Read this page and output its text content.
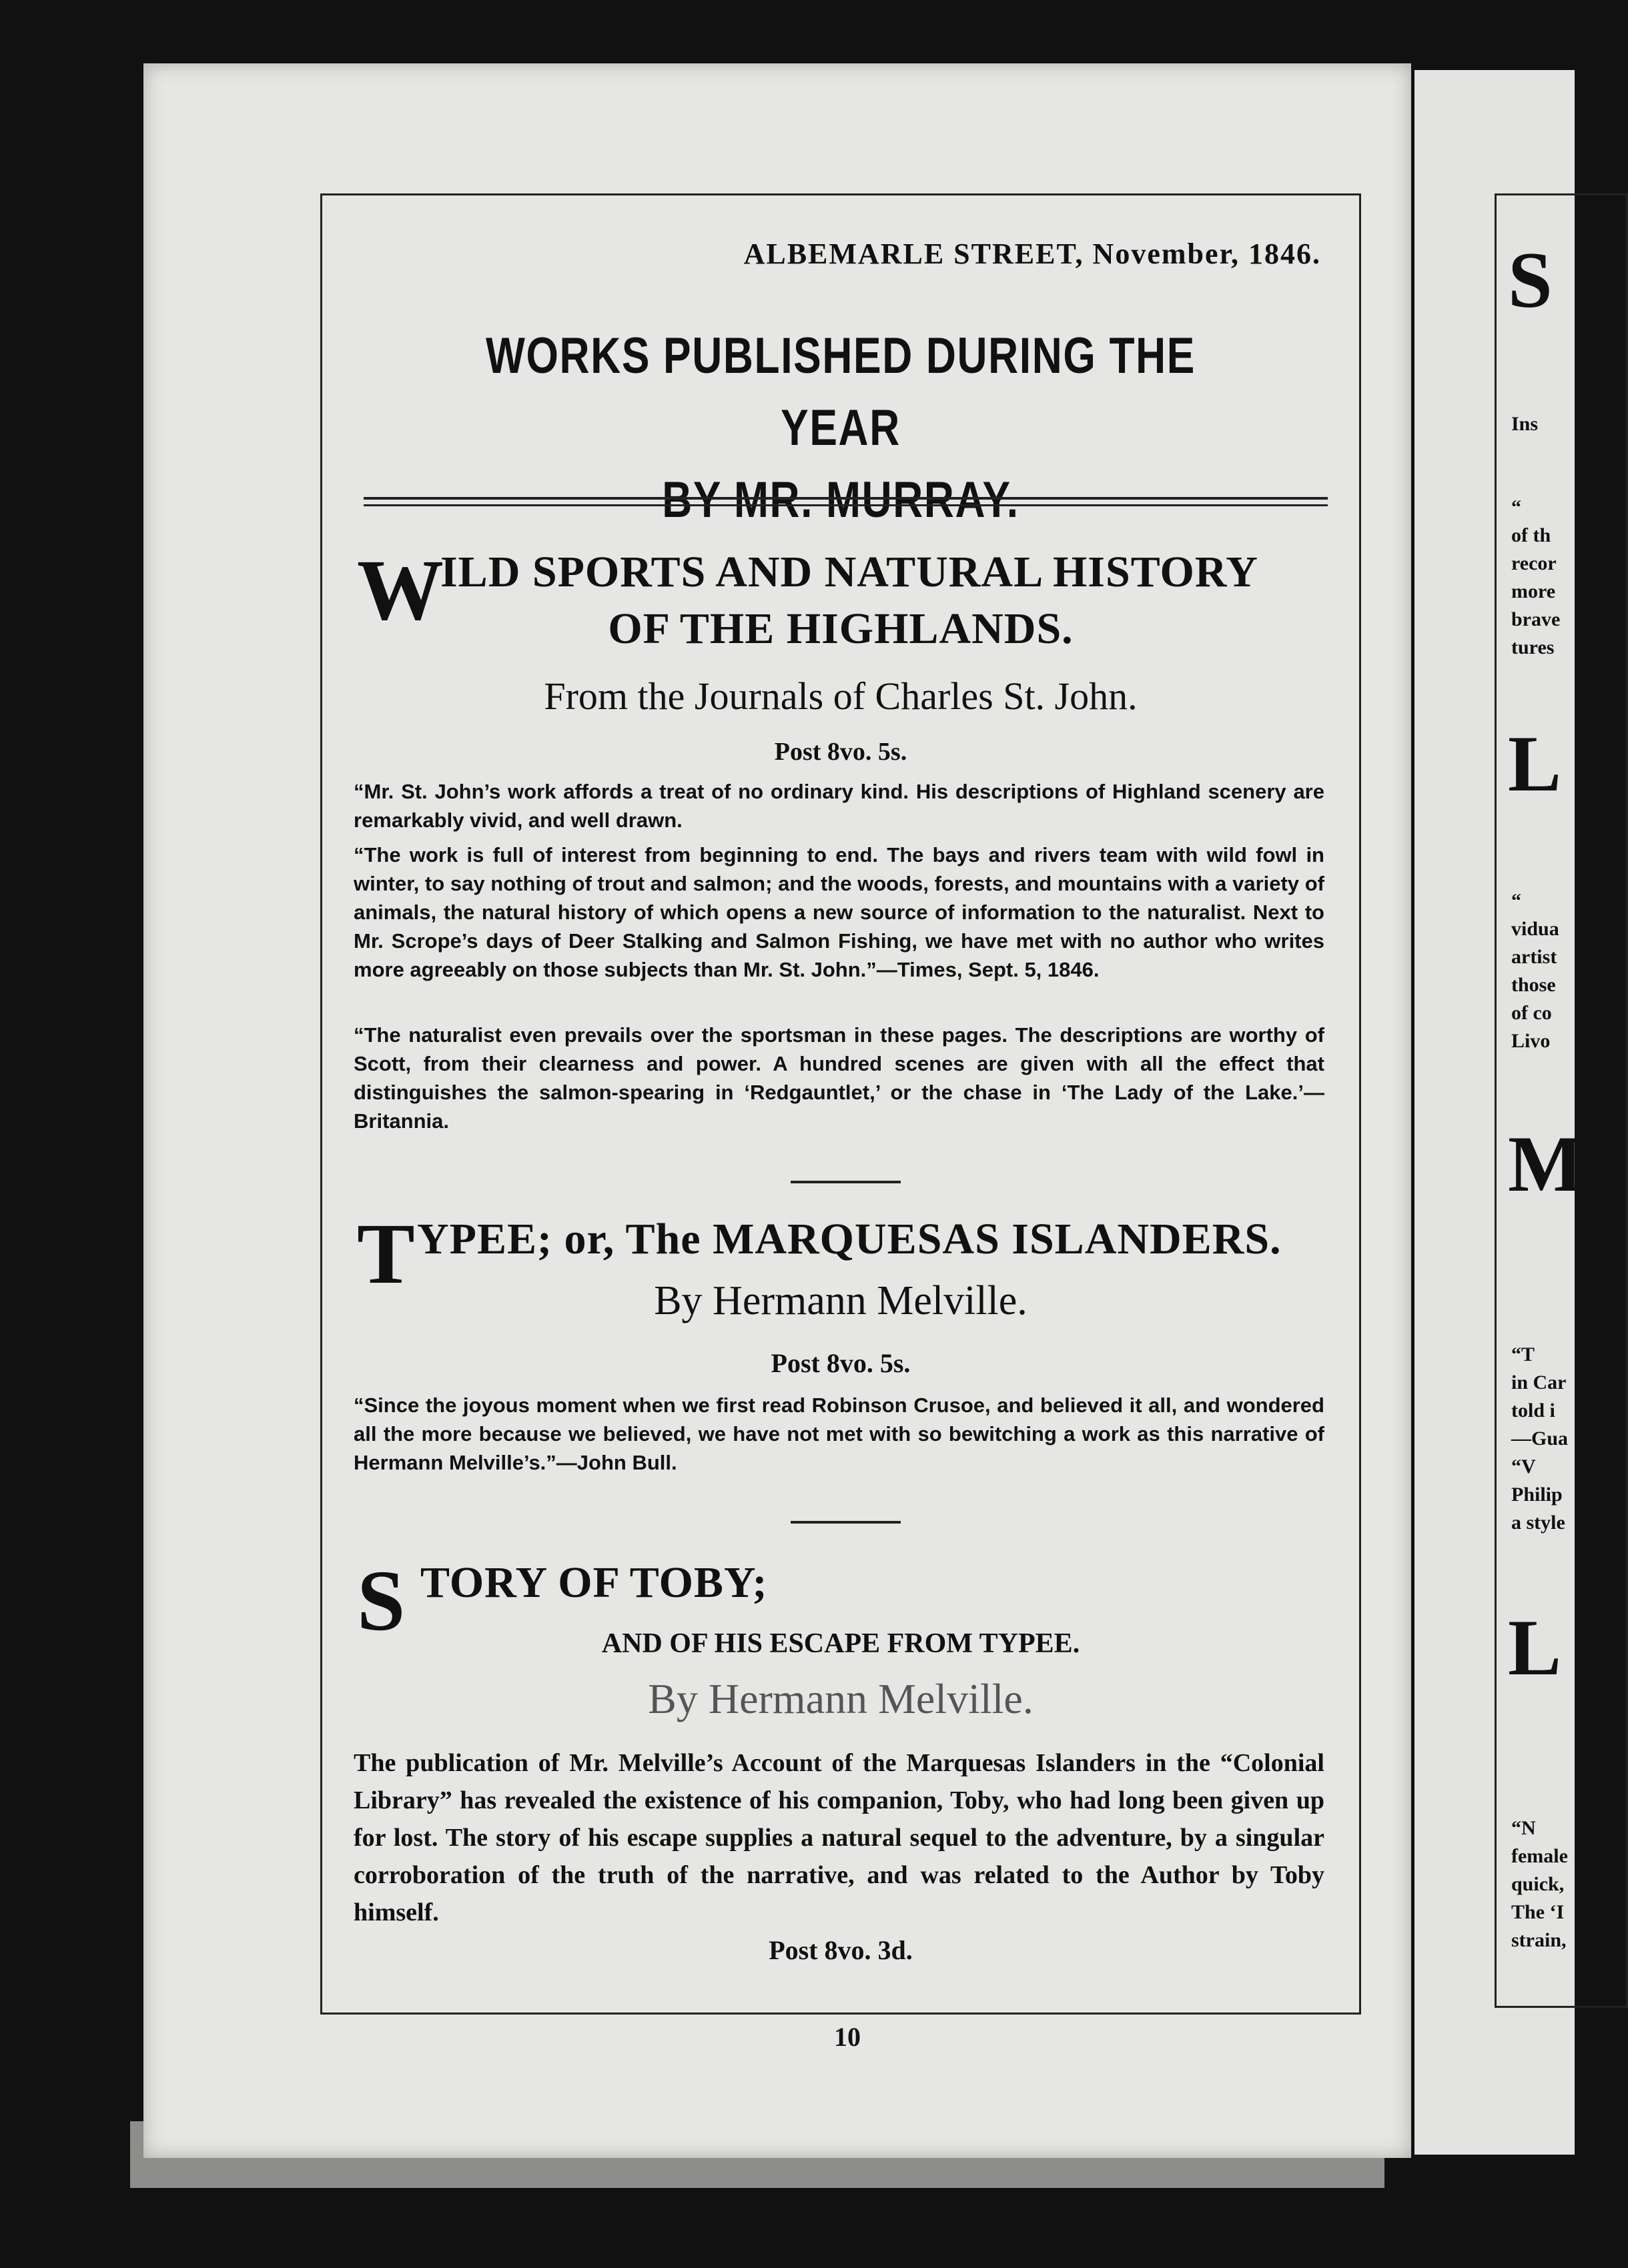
ALBEMARLE STREET, November, 1846.
WORKS PUBLISHED DURING THE YEAR
BY MR. MURRAY.
W
ILD SPORTS AND NATURAL HISTORY
OF THE HIGHLANDS.
From the Journals of Charles St. John.
Post 8vo. 5s.
“Mr. St. John’s work affords a treat of no ordinary kind. His descriptions of Highland scenery are remarkably vivid, and well drawn.
“The work is full of interest from beginning to end. The bays and rivers team with wild fowl in winter, to say nothing of trout and salmon; and the woods, forests, and mountains with a variety of animals, the natural history of which opens a new source of information to the naturalist. Next to Mr. Scrope’s days of Deer Stalking and Salmon Fishing, we have met with no author who writes more agreeably on those subjects than Mr. St. John.”—Times, Sept. 5, 1846.
“The naturalist even prevails over the sportsman in these pages. The descriptions are worthy of Scott, from their clearness and power. A hundred scenes are given with all the effect that distinguishes the salmon-spearing in ‘Redgauntlet,’ or the chase in ‘The Lady of the Lake.’—Britannia.
T YPEE; or, The MARQUESAS ISLANDERS.
By Hermann Melville.
Post 8vo. 5s.
“Since the joyous moment when we first read Robinson Crusoe, and believed it all, and wondered all the more because we believed, we have not met with so bewitching a work as this narrative of Hermann Melville’s.”—John Bull.
S TORY OF TOBY;
AND OF HIS ESCAPE FROM TYPEE.
By Hermann Melville.
The publication of Mr. Melville’s Account of the Marquesas Islanders in the “Colonial Library” has revealed the existence of his companion, Toby, who had long been given up for lost. The story of his escape supplies a natural sequel to the adventure, by a singular corroboration of the truth of the narrative, and was related to the Author by Toby himself.
Post 8vo. 3d.
10
S
Ins
“
of th
recor
more
brave
tures
L
“
vidua
artist
those
of co
Livo
M
“T
in Car
told i
—Gua
“V
Philip
a style
L
“N
female
quick,
The ‘I
strain,
